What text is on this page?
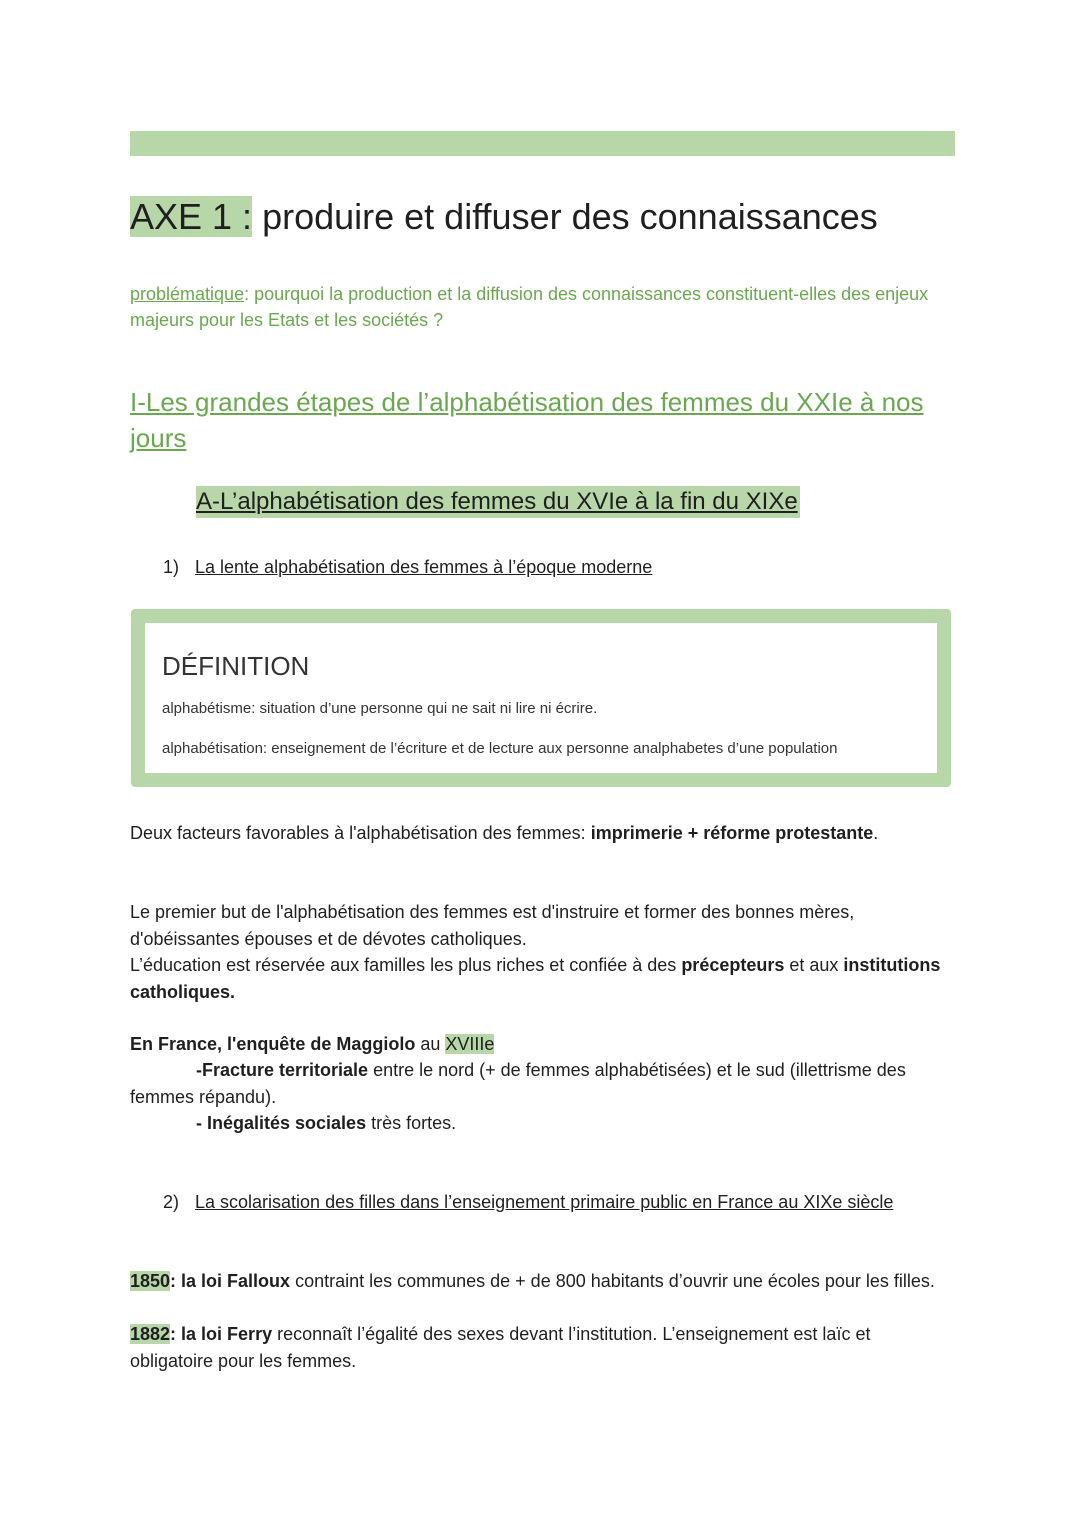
AXE 1 : produire et diffuser des connaissances
problématique: pourquoi la production et la diffusion des connaissances constituent-elles des enjeux majeurs pour les Etats et les sociétés ?
I-Les grandes étapes de l’alphabétisation des femmes du XXIe à nos jours
A-L’alphabétisation des femmes du XVIe à la fin du XIXe
1) La lente alphabétisation des femmes à l’époque moderne
DÉFINITION
alphabétisme: situation d’une personne qui ne sait ni lire ni écrire.
alphabétisation: enseignement de l’écriture et de lecture aux personne analphabetes d’une population
Deux facteurs favorables à l'alphabétisation des femmes: imprimerie + réforme protestante.
Le premier but de l'alphabétisation des femmes est d'instruire et former des bonnes mères, d'obéissantes épouses et de dévotes catholiques.
L’éducation est réservée aux familles les plus riches et confiée à des précepteurs et aux institutions catholiques.
En France, l'enquête de Maggiolo au XVIIIe
-Fracture territoriale entre le nord (+ de femmes alphabétisées) et le sud (illettrisme des femmes répandu).
- Inégalités sociales très fortes.
2) La scolarisation des filles dans l’enseignement primaire public en France au XIXe siècle
1850: la loi Falloux contraint les communes de + de 800 habitants d’ouvrir une écoles pour les filles.
1882: la loi Ferry reconnaît l’égalité des sexes devant l’institution. L’enseignement est laïc et obligatoire pour les femmes.
